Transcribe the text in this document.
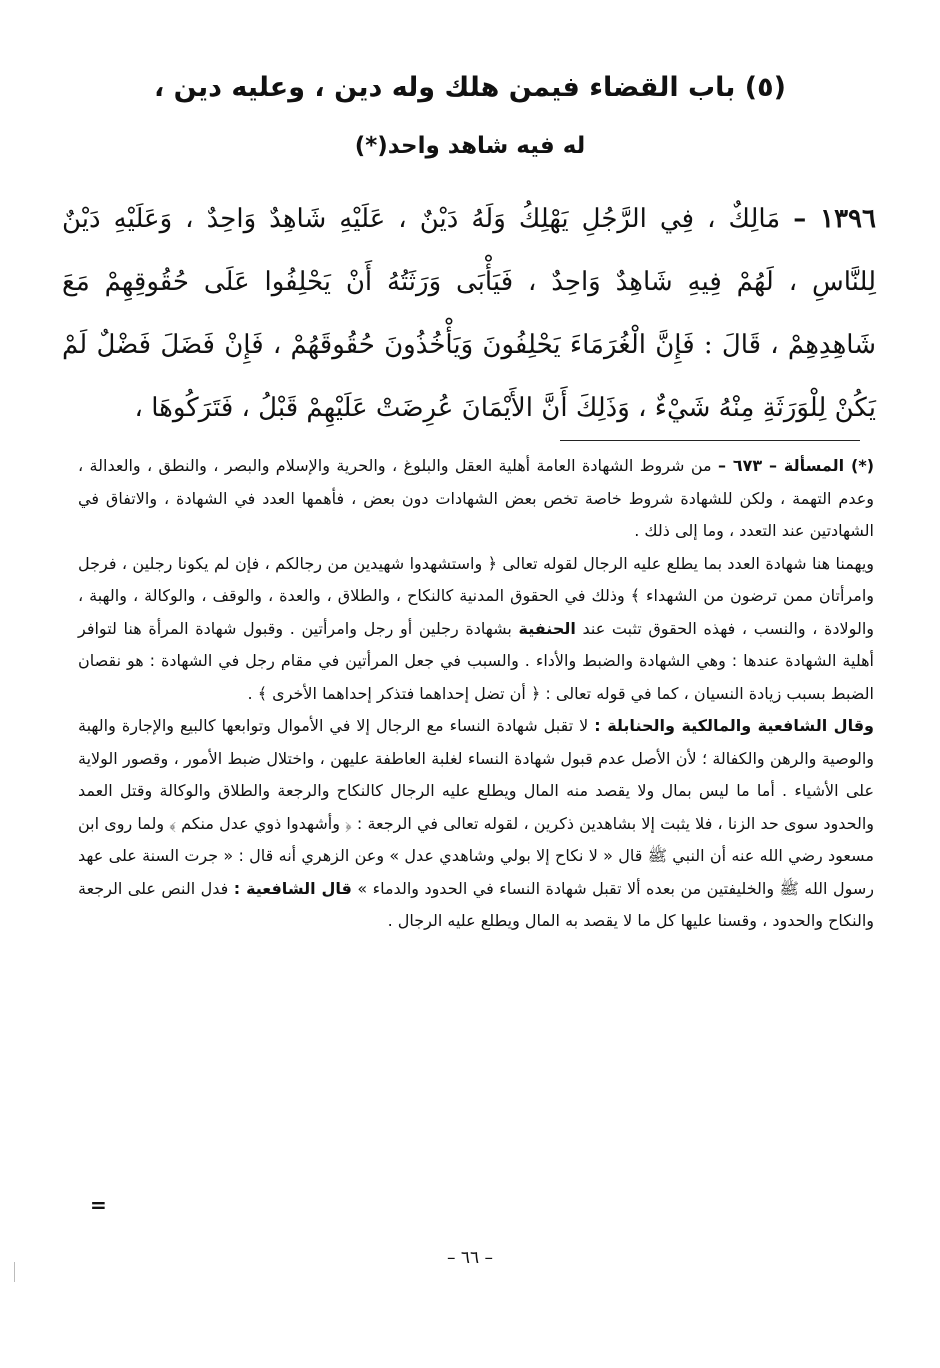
(٥) باب القضاء فيمن هلك وله دين ، وعليه دين ،
له فيه شاهد واحد(*)
١٣٩٦ – مَالِكٌ ، فِي الرَّجُلِ يَهْلِكُ وَلَهُ دَيْنٌ ، عَلَيْهِ شَاهِدٌ وَاحِدٌ ، وَعَلَيْهِ دَيْنٌ لِلنَّاسِ ، لَهُمْ فِيهِ شَاهِدٌ وَاحِدٌ ، فَيَأْبَى وَرَثَتُهُ أَنْ يَحْلِفُوا عَلَى حُقُوقِهِمْ مَعَ شَاهِدِهِمْ ، قَالَ : فَإِنَّ الْغُرَمَاءَ يَحْلِفُونَ وَيَأْخُذُونَ حُقُوقَهُمْ ، فَإِنْ فَضَلَ فَضْلٌ لَمْ يَكُنْ لِلْوَرَثَةِ مِنْهُ شَيْءٌ ، وَذَلِكَ أَنَّ الأَيْمَانَ عُرِضَتْ عَلَيْهِمْ قَبْلُ ، فَتَرَكُوهَا ،

(*) المسألة – ٦٧٣ – من شروط الشهادة العامة أهلية العقل والبلوغ ، والحرية والإسلام والبصر ، والنطق ، والعدالة ، وعدم التهمة ، ولكن للشهادة شروط خاصة تخص بعض الشهادات دون بعض ، فأهمها العدد في الشهادة ، والاتفاق في الشهادتين عند التعدد ، وما إلى ذلك .

ويهمنا هنا شهادة العدد بما يطلع عليه الرجال لقوله تعالى ﴿ واستشهدوا شهيدين من رجالكم ، فإن لم يكونا رجلين ، فرجل وامرأتان ممن ترضون من الشهداء ﴾ وذلك في الحقوق المدنية كالنكاح ، والطلاق ، والعدة ، والوقف ، والوكالة ، والهبة ، والولادة ، والنسب ، فهذه الحقوق تثبت عند الحنفية بشهادة رجلين أو رجل وامرأتين . وقبول شهادة المرأة هنا لتوافر أهلية الشهادة عندها : وهي الشهادة والضبط والأداء . والسبب في جعل المرأتين في مقام رجل في الشهادة : هو نقصان الضبط بسبب زيادة النسيان ، كما في قوله تعالى : ﴿ أن تضل إحداهما فتذكر إحداهما الأخرى ﴾ .

وقال الشافعية والمالكية والحنابلة : لا تقبل شهادة النساء مع الرجال إلا في الأموال وتوابعها كالبيع والإجارة والهبة والوصية والرهن والكفالة ؛ لأن الأصل عدم قبول شهادة النساء لغلبة العاطفة عليهن ، واختلال ضبط الأمور ، وقصور الولاية على الأشياء . أما ما ليس بمال ولا يقصد منه المال ويطلع عليه الرجال كالنكاح والرجعة والطلاق والوكالة وقتل العمد والحدود سوى حد الزنا ، فلا يثبت إلا بشاهدين ذكرين ، لقوله تعالى في الرجعة : ﴿ وأشهدوا ذوي عدل منكم ﴾ ولما روى ابن مسعود رضي الله عنه أن النبي ﷺ قال « لا نكاح إلا بولي وشاهدي عدل » وعن الزهري أنه قال : « جرت السنة على عهد رسول الله ﷺ والخليفتين من بعده ألا تقبل شهادة النساء في الحدود والدماء » قال الشافعية : فدل النص على الرجعة والنكاح والحدود ، وقسنا عليها كل ما لا يقصد به المال ويطلع عليه الرجال .

=
– ٦٦ –
